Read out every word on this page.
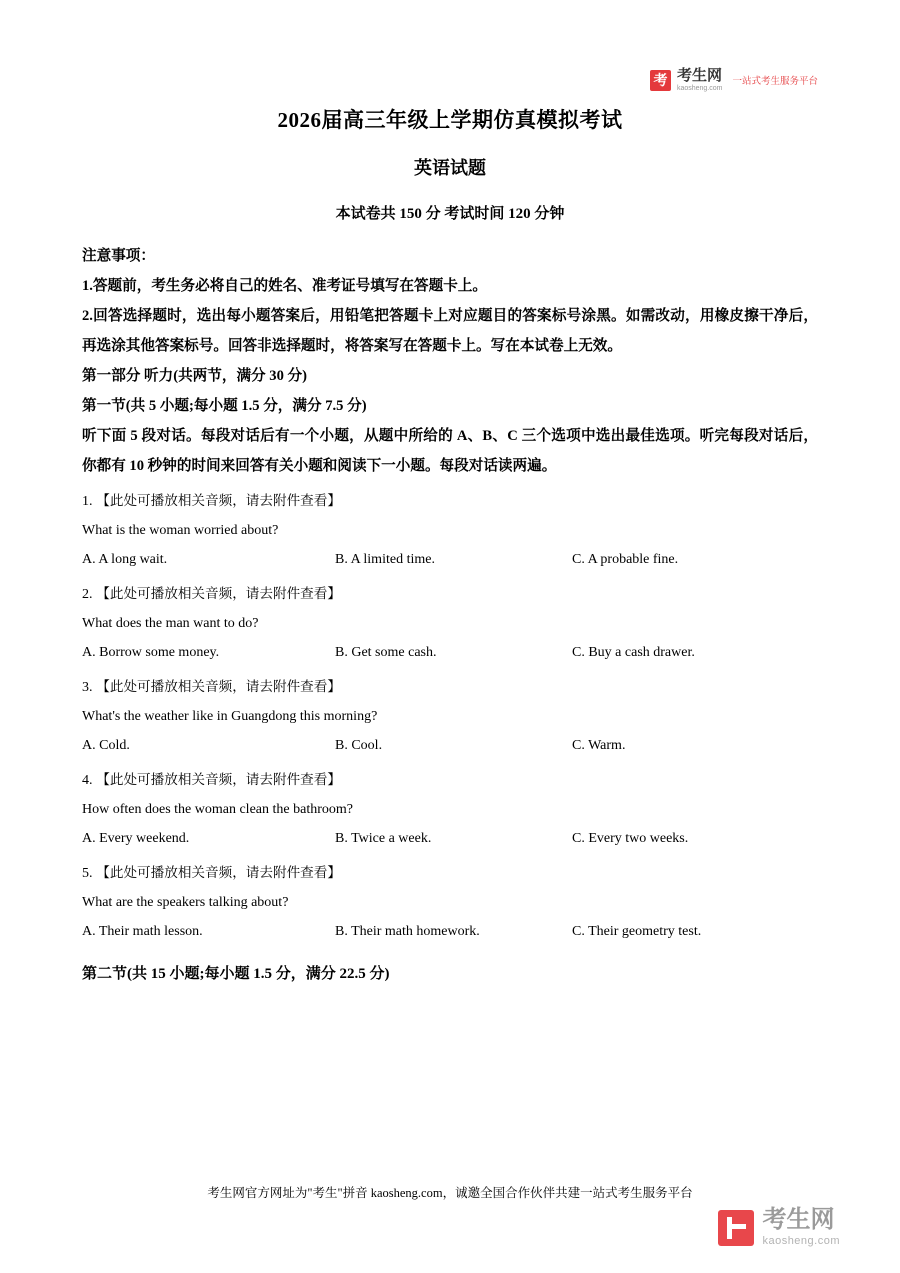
考 考生网
kaosheng.com
一站式考生服务平台
2026届高三年级上学期仿真模拟考试
英语试题
本试卷共 150 分 考试时间 120 分钟

注意事项：

1.答题前，考生务必将自己的姓名、准考证号填写在答题卡上。

2.回答选择题时，选出每小题答案后，用铅笔把答题卡上对应题目的答案标号涂黑。如需改动，用橡皮擦干净后，再选涂其他答案标号。回答非选择题时，将答案写在答题卡上。写在本试卷上无效。

第一部分 听力(共两节，满分 30 分)

第一节(共 5 小题;每小题 1.5 分，满分 7.5 分)

听下面 5 段对话。每段对话后有一个小题，从题中所给的 A、B、C 三个选项中选出最佳选项。听完每段对话后，你都有 10 秒钟的时间来回答有关小题和阅读下一小题。每段对话读两遍。

1. 【此处可播放相关音频，请去附件查看】
What is the woman worried about?
A. A long wait.	B. A limited time.	C. A probable fine.
2. 【此处可播放相关音频，请去附件查看】
What does the man want to do?
A. Borrow some money.	B. Get some cash.	C. Buy a cash drawer.
3. 【此处可播放相关音频，请去附件查看】
What's the weather like in Guangdong this morning?
A. Cold.	B. Cool.	C. Warm.
4. 【此处可播放相关音频，请去附件查看】
How often does the woman clean the bathroom?
A. Every weekend.	B. Twice a week.	C. Every two weeks.
5. 【此处可播放相关音频，请去附件查看】
What are the speakers talking about?
A. Their math lesson.	B. Their math homework.	C. Their geometry test.
第二节(共 15 小题;每小题 1.5 分，满分 22.5 分)
考生网官方网址为"考生"拼音 kaosheng.com，诚邀全国合作伙伴共建一站式考生服务平台
考生网
kaosheng.com
